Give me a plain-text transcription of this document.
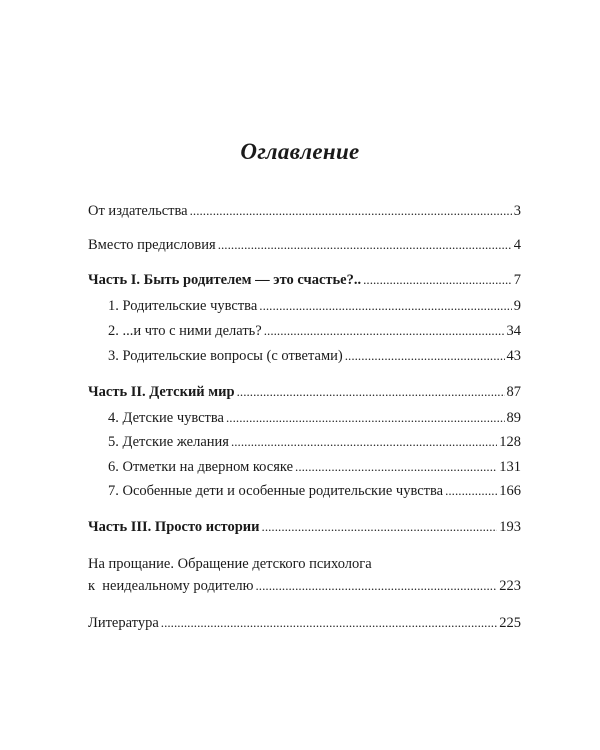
Оглавление
От издательства . . .	3
Вместо предисловия . . .	4
Часть I. Быть родителем — это счастье?.. . . .	7
1. Родительские чувства . . .	9
2. ...и что с ними делать? . . .	34
3. Родительские вопросы (с ответами) . . .	43
Часть II. Детский мир . . .	87
4. Детские чувства . . .	89
5. Детские желания . . .	128
6. Отметки на дверном косяке . . .	131
7. Особенные дети и особенные родительские чувства . . .	166
Часть III. Просто истории . . .	193
На прощание. Обращение детского психолога
к  неидеальному родителю . . .	223
Литература . . .	225
